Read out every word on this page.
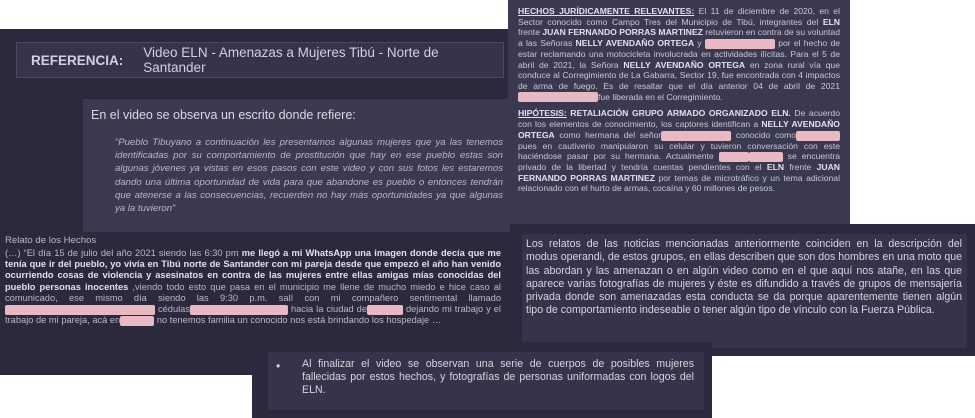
REFERENCIA: Video ELN - Amenazas a Mujeres Tibú - Norte de Santander
En el video se observa un escrito donde refiere:
“Pueblo Tibuyano a continuación les presentamos algunas mujeres que ya las tenemos identificadas por su comportamiento de prostitución que hay en ese pueblo estas son algunas jóvenes ya vistas en esos pasos con este video y con sus fotos les estaremos dando una última oportunidad de vida para que abandone es pueblo o entonces tendrán que atenerse a las consecuencias, recuerden no hay más oportunidades ya que algunas ya la tuvieron”
HECHOS JURÍDICAMENTE RELEVANTES: El 11 de diciembre de 2020, en el Sector conocido como Campo Tres del Municipio de Tibú, integrantes del ELN frente JUAN FERNANDO PORRAS MARTINEZ retuvieron en contra de su voluntad a las Señoras NELLY AVENDAÑO ORTEGA y	por el hecho de estar reclamando una motocicleta involucrada en actividades ilícitas. Para el 5 de abril de 2021, la Señora NELLY AVENDAÑO ORTEGA en zona rural vía que conduce al Corregimiento de La Gabarra, Sector 19, fue encontrada con 4 impactos de arma de fuego. Es de resaltar que el día anterior 04 de abril de 2021fue liberada en el Corregimiento.
HIPÓTESIS: RETALIACIÓN GRUPO ARMADO ORGANIZADO ELN. De acuerdo con los elementos de conocimiento, los captores identifican a NELLY AVENDAÑO ORTEGA como hermana del señor	conocido como pues en cautiverio manipularon su celular y tuvieron conversación con este haciéndose pasar por su hermana. Actualmente	se encuentra privado de la libertad y tendría cuentas pendientes con el ELN frente JUAN FERNANDO PORRAS MARTINEZ por temas de microtráfico y un tema adicional relacionado con el hurto de armas, cocaína y 60 millones de pesos.
Relato de los Hechos
(…) “El día 15 de julio del año 2021 siendo las 6:30 pm me llegó a mi WhatsApp una imagen donde decía que me tenía que ir del pueblo, yo vivía en Tibú norte de Santander con mi pareja desde que empezó el año han venido ocurriendo cosas de violencia y asesinatos en contra de las mujeres entre ellas amigas mías conocidas del pueblo personas inocentes ,viendo todo esto que pasa en el municipio me llene de mucho miedo e hice caso al comunicado, ese mismo día siendo las 9:30 p.m. salí con mi compañero sentimental llamado cédulas	hacia la ciudad de	dejando mi trabajo y el trabajo de mi pareja, acá en	no tenemos familia un conocido nos está brindando los hospedaje …
Los relatos de las noticias mencionadas anteriormente coinciden en la descripción del modus operandi, de estos grupos, en ellas describen que son dos hombres en una moto que las abordan y las amenazan o en algún video como en el que aquí nos atañe, en las que aparece varias fotografías de mujeres y éste es difundido a través de grupos de mensajería privada donde son amenazadas esta conducta se da porque aparentemente tienen algún tipo de comportamiento indeseable o tener algún tipo de vínculo con la Fuerza Pública.
• Al finalizar el video se observan una serie de cuerpos de posibles mujeres fallecidas por estos hechos, y fotografías de personas uniformadas con logos del ELN.
